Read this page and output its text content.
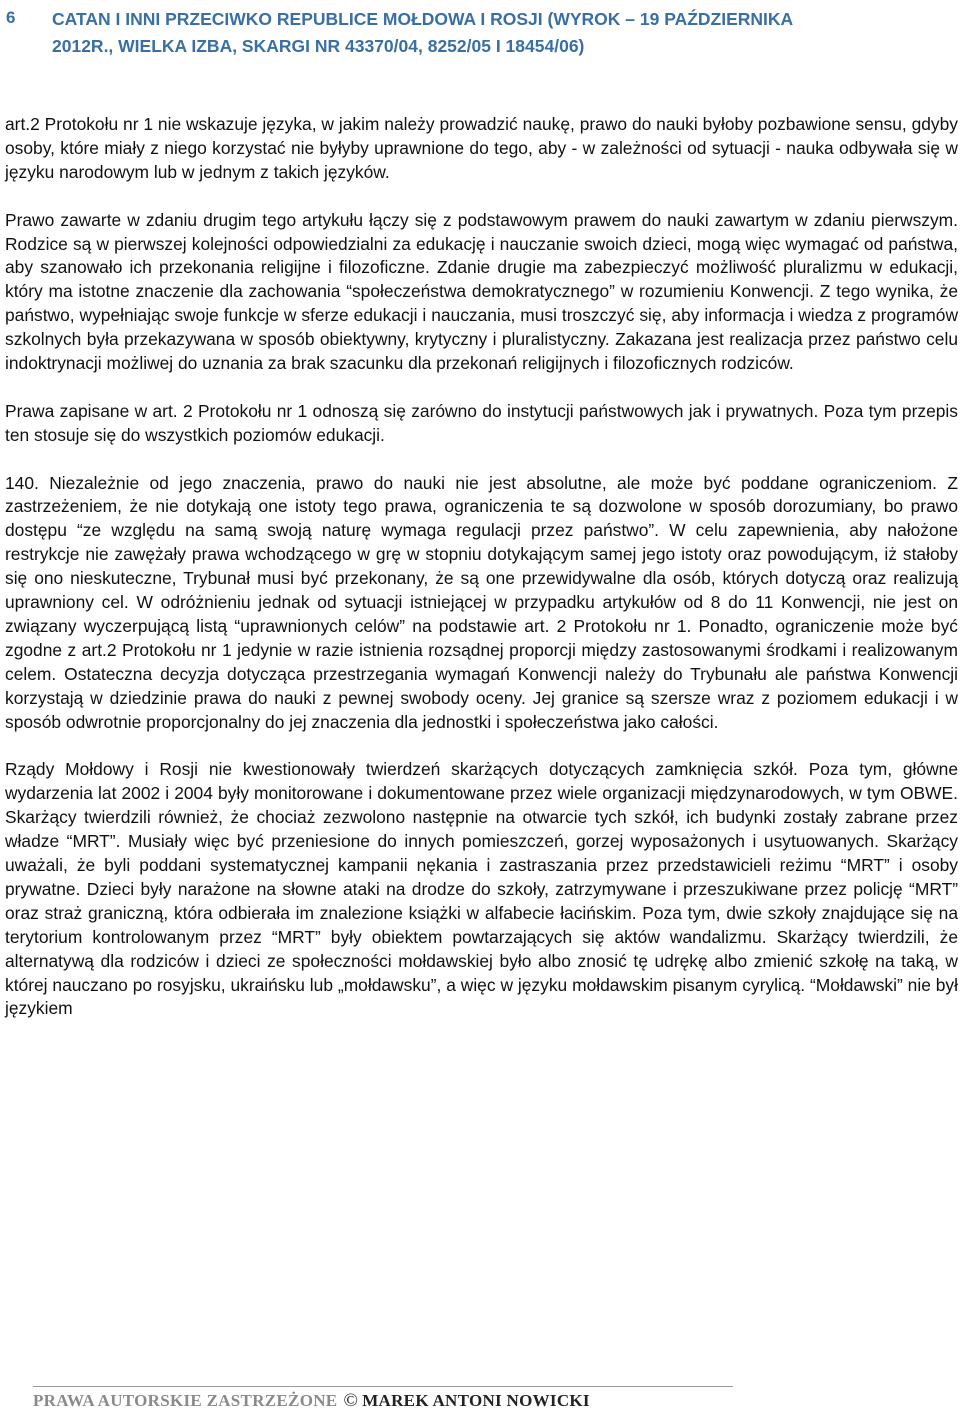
6 CATAN I INNI PRZECIWKO REPUBLICE MOŁDOWA I ROSJI (WYROK – 19 PAŹDZIERNIKA
2012R., WIELKA IZBA, SKARGI NR 43370/04, 8252/05 I 18454/06)

art.2 Protokołu nr 1 nie wskazuje języka, w jakim należy prowadzić naukę, prawo do nauki byłoby pozbawione sensu, gdyby osoby, które miały z niego korzystać nie byłyby uprawnione do tego, aby - w zależności od sytuacji - nauka odbywała się w języku narodowym lub w jednym z takich języków.

Prawo zawarte w zdaniu drugim tego artykułu łączy się z podstawowym prawem do nauki zawartym w zdaniu pierwszym. Rodzice są w pierwszej kolejności odpowiedzialni za edukację i nauczanie swoich dzieci, mogą więc wymagać od państwa, aby szanowało ich przekonania religijne i filozoficzne. Zdanie drugie ma zabezpieczyć możliwość pluralizmu w edukacji, który ma istotne znaczenie dla zachowania “społeczeństwa demokratycznego” w rozumieniu Konwencji. Z tego wynika, że państwo, wypełniając swoje funkcje w sferze edukacji i nauczania, musi troszczyć się, aby informacja i wiedza z programów szkolnych była przekazywana w sposób obiektywny, krytyczny i pluralistyczny. Zakazana jest realizacja przez państwo celu indoktrynacji możliwej do uznania za brak szacunku dla przekonań religijnych i filozoficznych rodziców.

Prawa zapisane w art. 2 Protokołu nr 1 odnoszą się zarówno do instytucji państwowych jak i prywatnych. Poza tym przepis ten stosuje się do wszystkich poziomów edukacji.

140. Niezależnie od jego znaczenia, prawo do nauki nie jest absolutne, ale może być poddane ograniczeniom. Z zastrzeżeniem, że nie dotykają one istoty tego prawa, ograniczenia te są dozwolone w sposób dorozumiany, bo prawo dostępu “ze względu na samą swoją naturę wymaga regulacji przez państwo”. W celu zapewnienia, aby nałożone restrykcje nie zawężały prawa wchodzącego w grę w stopniu dotykającym samej jego istoty oraz powodującym, iż stałoby się ono nieskuteczne, Trybunał musi być przekonany, że są one przewidywalne dla osób, których dotyczą oraz realizują uprawniony cel. W odróżnieniu jednak od sytuacji istniejącej w przypadku artykułów od 8 do 11 Konwencji, nie jest on związany wyczerpującą listą “uprawnionych celów” na podstawie art. 2 Protokołu nr 1. Ponadto, ograniczenie może być zgodne z art.2 Protokołu nr 1 jedynie w razie istnienia rozsądnej proporcji między zastosowanymi środkami i realizowanym celem. Ostateczna decyzja dotycząca przestrzegania wymagań Konwencji należy do Trybunału ale państwa Konwencji korzystają w dziedzinie prawa do nauki z pewnej swobody oceny. Jej granice są szersze wraz z poziomem edukacji i w sposób odwrotnie proporcjonalny do jej znaczenia dla jednostki i społeczeństwa jako całości.

Rządy Mołdowy i Rosji nie kwestionowały twierdzeń skarżących dotyczących zamknięcia szkół. Poza tym, główne wydarzenia lat 2002 i 2004 były monitorowane i dokumentowane przez wiele organizacji międzynarodowych, w tym OBWE. Skarżący twierdzili również, że chociaż zezwolono następnie na otwarcie tych szkół, ich budynki zostały zabrane przez władze “MRT”. Musiały więc być przeniesione do innych pomieszczeń, gorzej wyposażonych i usytuowanych. Skarżący uważali, że byli poddani systematycznej kampanii nękania i zastraszania przez przedstawicieli reżimu “MRT” i osoby prywatne. Dzieci były narażone na słowne ataki na drodze do szkoły, zatrzymywane i przeszukiwane przez policję “MRT” oraz straż graniczną, która odbierała im znalezione książki w alfabecie łacińskim. Poza tym, dwie szkoły znajdujące się na terytorium kontrolowanym przez “MRT” były obiektem powtarzających się aktów wandalizmu. Skarżący twierdzili, że alternatywą dla rodziców i dzieci ze społeczności mołdawskiej było albo znosić tę udrękę albo zmienić szkołę na taką, w której nauczano po rosyjsku, ukraińsku lub „mołdawsku”, a więc w języku mołdawskim pisanym cyrylicą. “Mołdawski” nie był językiem

PRAWA AUTORSKIE ZASTRZEŻONE © MAREK ANTONI NOWICKI
